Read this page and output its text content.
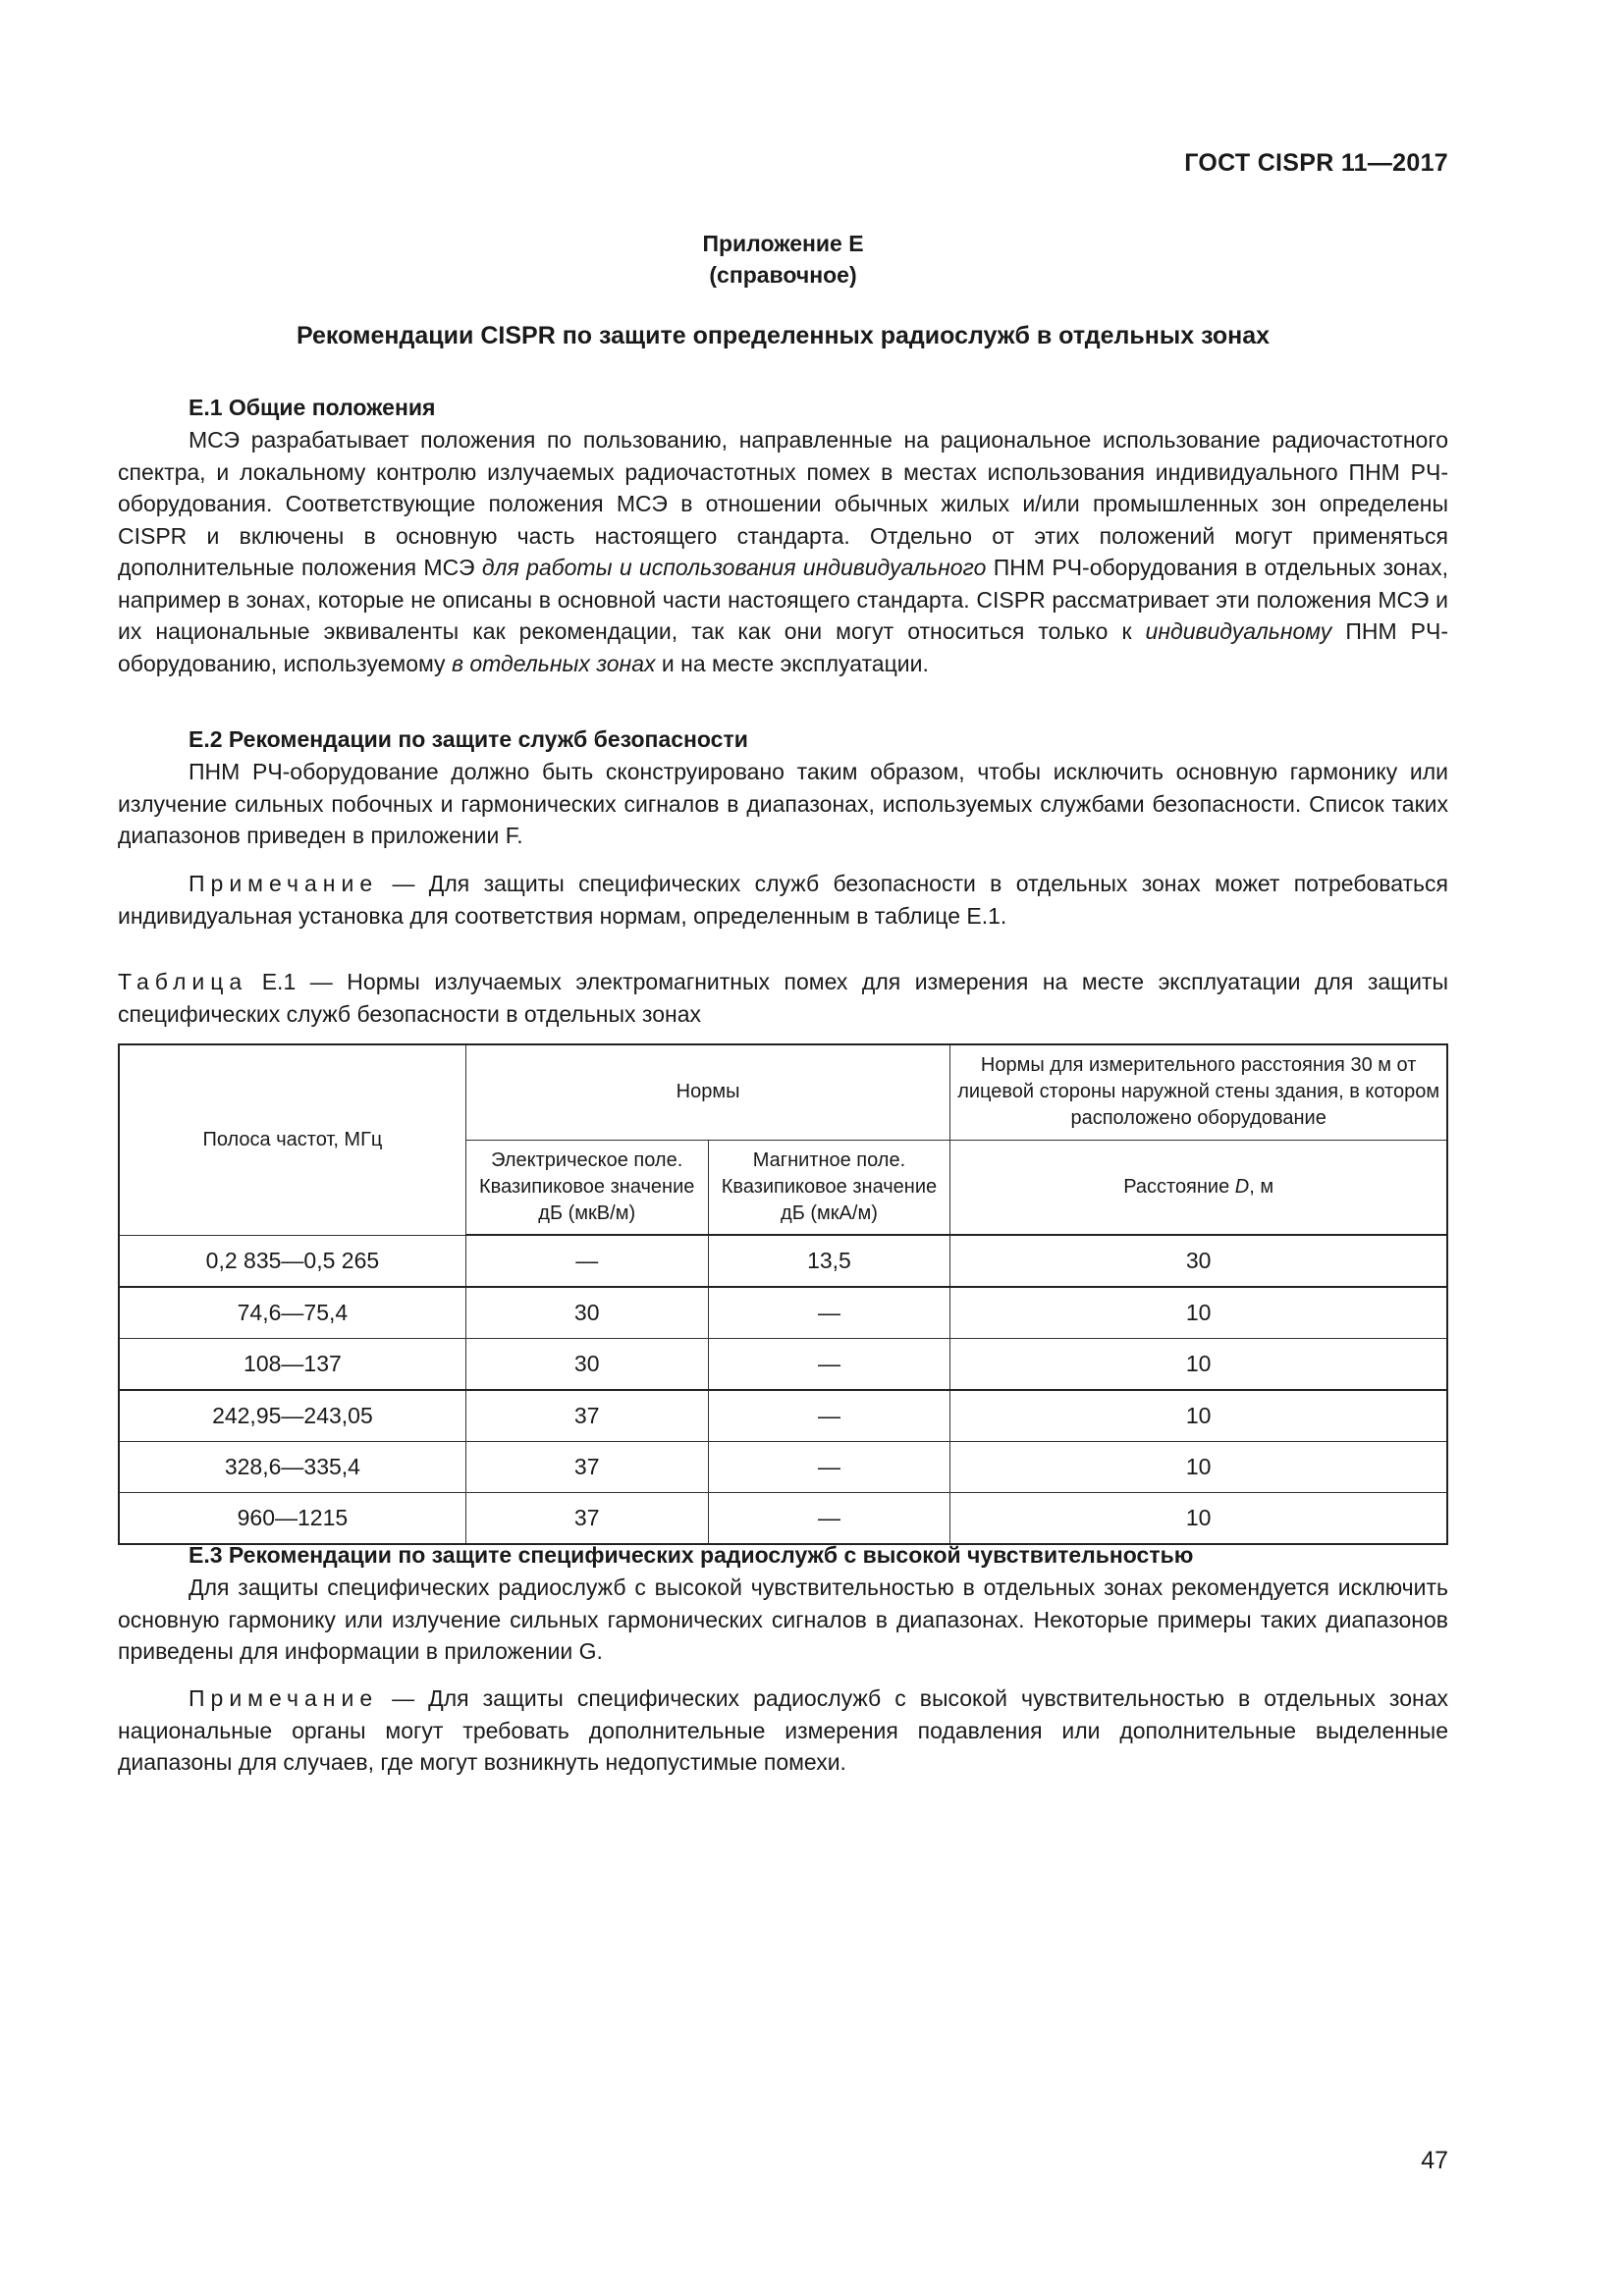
ГОСТ CISPR 11—2017
Приложение Е
(справочное)
Рекомендации CISPR по защите определенных радиослужб в отдельных зонах

Е.1 Общие положения

МСЭ разрабатывает положения по пользованию, направленные на рациональное использование радиочастотного спектра, и локальному контролю излучаемых радиочастотных помех в местах использования индивидуального ПНМ РЧ-оборудования. Соответствующие положения МСЭ в отношении обычных жилых и/или промышленных зон определены CISPR и включены в основную часть настоящего стандарта. Отдельно от этих положений могут применяться дополнительные положения МСЭ для работы и использования индивидуального ПНМ РЧ-оборудования в отдельных зонах, например в зонах, которые не описаны в основной части настоящего стандарта. CISPR рассматривает эти положения МСЭ и их национальные эквиваленты как рекомендации, так как они могут относиться только к индивидуальному ПНМ РЧ-оборудованию, используемому в отдельных зонах и на месте эксплуатации.

Е.2 Рекомендации по защите служб безопасности

ПНМ РЧ-оборудование должно быть сконструировано таким образом, чтобы исключить основную гармонику или излучение сильных побочных и гармонических сигналов в диапазонах, используемых службами безопасности. Список таких диапазонов приведен в приложении F.

Примечание — Для защиты специфических служб безопасности в отдельных зонах может потребоваться индивидуальная установка для соответствия нормам, определенным в таблице Е.1.

Таблица Е.1 — Нормы излучаемых электромагнитных помех для измерения на месте эксплуатации для защиты специфических служб безопасности в отдельных зонах

Полоса частот, МГц	Нормы		Нормы для измерительного расстояния 30 м от лицевой стороны наружной стены здания, в котором расположено оборудование
	Электрическое поле. Квазипиковое значение дБ (мкВ/м)	Магнитное поле. Квазипиковое значение дБ (мкА/м)	Расстояние D, м
0,2 835—0,5 265	—	13,5	30
74,6—75,4	30	—	10
108—137	30	—	10
242,95—243,05	37	—	10
328,6—335,4	37	—	10
960—1215	37	—	10

Е.3 Рекомендации по защите специфических радиослужб с высокой чувствительностью

Для защиты специфических радиослужб с высокой чувствительностью в отдельных зонах рекомендуется исключить основную гармонику или излучение сильных гармонических сигналов в диапазонах. Некоторые примеры таких диапазонов приведены для информации в приложении G.

Примечание — Для защиты специфических радиослужб с высокой чувствительностью в отдельных зонах национальные органы могут требовать дополнительные измерения подавления или дополнительные выделенные диапазоны для случаев, где могут возникнуть недопустимые помехи.

47
